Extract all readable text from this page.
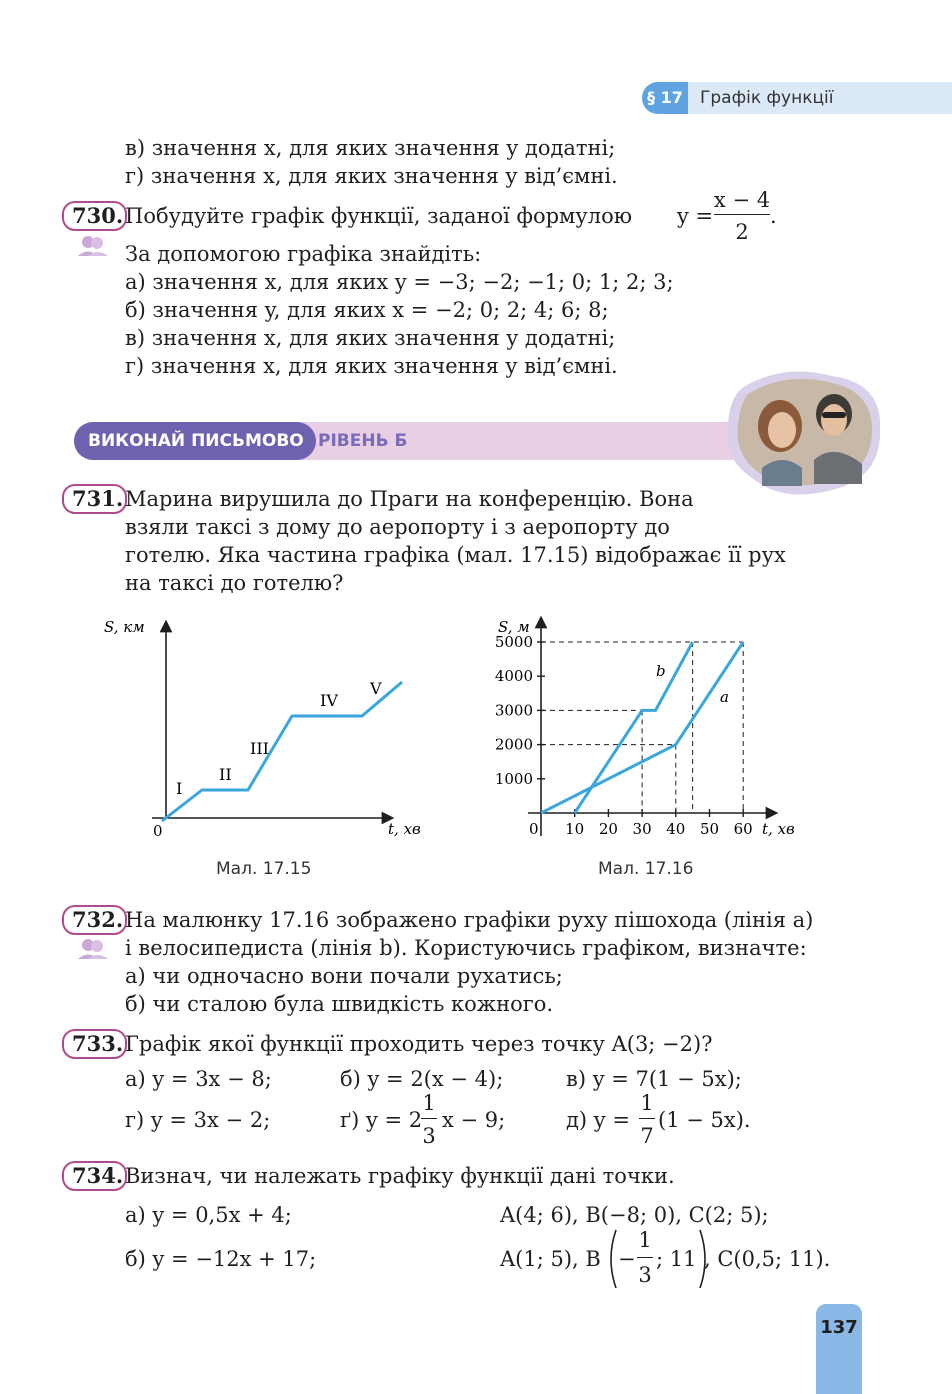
§ 17 Графік функції
в) значення x, для яких значення y додатні;
г) значення x, для яких значення y від’ємні.
730. Побудуйте графік функції, заданої формулою y =
x − 4
2
.
За допомогою графіка знайдіть:
а) значення x, для яких y = −3; −2; −1; 0; 1; 2; 3;
б) значення y, для яких x = −2; 0; 2; 4; 6; 8;
в) значення x, для яких значення y додатні;
г) значення x, для яких значення y від’ємні.
ВИКОНАЙ ПИСЬМОВО РІВЕНЬ Б
731. Марина вирушила до Праги на конференцію. Вона
взяли таксі з дому до аеропорту і з аеропорту до
готелю. Яка частина графіка (мал. 17.15) відображає її рух
на таксі до готелю?
S, км
t, хв
0
I
II
III
IV
V
Мал. 17.15
1000
2000
3000
4000
5000
10 20 30 40 50 60
S, м
t, хв
0
a
b
Мал. 17.16
732. На малюнку 17.16 зображено графіки руху пішохода (лінія a)
і велосипедиста (лінія b). Користуючись графіком, визначте:
а) чи одночасно вони почали рухатись;
б) чи сталою була швидкість кожного.
733. Графік якої функції проходить через точку A(3; −2)?
а) y = 3x − 8;	б) y = 2(x − 4);	в) y = 7(1 − 5x);
г) y = 3x − 2;	ґ) y = 2
1
3
x − 9;	д) y =
1
7
(1 − 5x).
734. Визнач, чи належать графіку функції дані точки.
а) y = 0,5x + 4;	A(4; 6), B(−8; 0), C(2; 5);
б) y = −12x + 17;	A(1; 5), B −
1
3
; 11 , C(0,5; 11).
137
